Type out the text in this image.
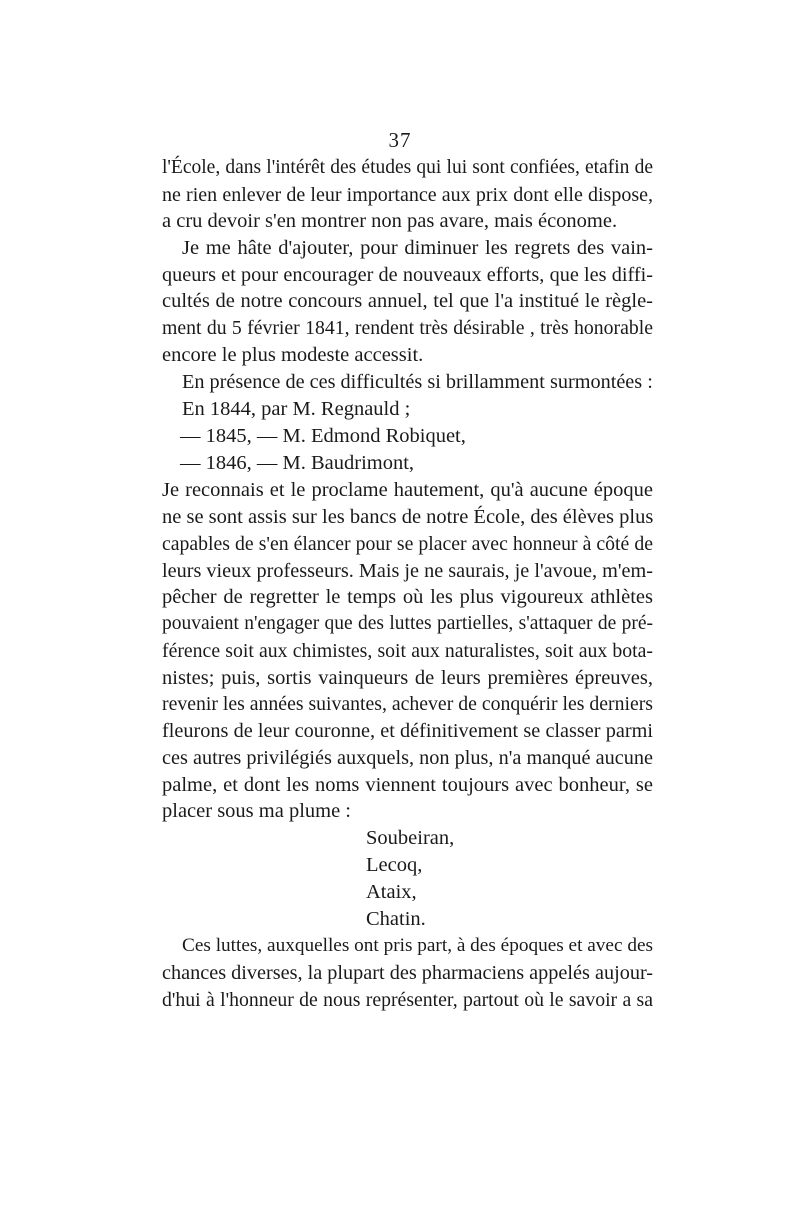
37
l'École, dans l'intérêt des études qui lui sont confiées, etafin de
ne rien enlever de leur importance aux prix dont elle dispose,
a cru devoir s'en montrer non pas avare, mais économe.
Je me hâte d'ajouter, pour diminuer les regrets des vain-
queurs et pour encourager de nouveaux efforts, que les diffi-
cultés de notre concours annuel, tel que l'a institué le règle-
ment du 5 février 1841, rendent très désirable , très honorable
encore le plus modeste accessit.
En présence de ces difficultés si brillamment surmontées :
En 1844, par M. Regnauld ;
— 1845, — M. Edmond Robiquet,
— 1846, — M. Baudrimont,
Je reconnais et le proclame hautement, qu'à aucune époque
ne se sont assis sur les bancs de notre École, des élèves plus
capables de s'en élancer pour se placer avec honneur à côté de
leurs vieux professeurs. Mais je ne saurais, je l'avoue, m'em-
pêcher de regretter le temps où les plus vigoureux athlètes
pouvaient n'engager que des luttes partielles, s'attaquer de pré-
férence soit aux chimistes, soit aux naturalistes, soit aux bota-
nistes; puis, sortis vainqueurs de leurs premières épreuves,
revenir les années suivantes, achever de conquérir les derniers
fleurons de leur couronne, et définitivement se classer parmi
ces autres privilégiés auxquels, non plus, n'a manqué aucune
palme, et dont les noms viennent toujours avec bonheur, se
placer sous ma plume :
Soubeiran,
Lecoq,
Ataix,
Chatin.
Ces luttes, auxquelles ont pris part, à des époques et avec des
chances diverses, la plupart des pharmaciens appelés aujour-
d'hui à l'honneur de nous représenter, partout où le savoir a sa
